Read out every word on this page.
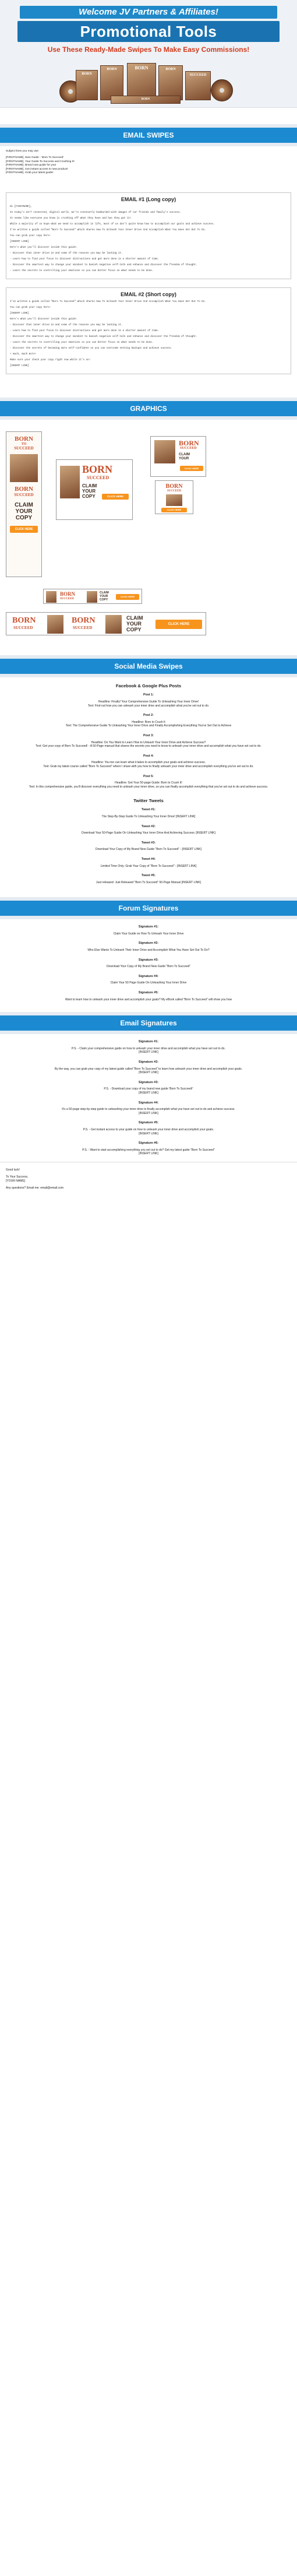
Welcome JV Partners & Affiliates!
Promotional Tools
Use These Ready-Made Swipes To Make Easy Commissions!
BORN
BORN	BORN	BORN
SUCCEED
BORN
EMAIL SWIPES

Subject lines you may use:

[FIRSTNAME], New Guide - 'Born To Succeed'

[FIRSTNAME], Your Guide To Success and Crushing It!

[FIRSTNAME], Brand new guide for you!

[FIRSTNAME], Get instant access to new product!

[FIRSTNAME], Grab your latest guide!

EMAIL #1 (Long copy)

Hi [FIRSTNAME],

In today's 24/7 connected, digital world, we're constantly bombarded with images of our friends and family's success.

It seems like everyone you know is crushing off what they have and has they got it!

While a majority of us hope what we need to accomplish in life, most of us don't quite know how to accomplish our goals and achieve success.

I've written a guide called "Born To Succeed" which shares How To Unleash Your Inner Drive And Accomplish What You Have Set Out To Do.

You can grab your copy here:

[INSERT LINK]

Here's what you'll discover inside this guide:

- Discover that inner drive in and some of the reasons you may be lacking it.

- Learn how to find your focus to discover distractions and get more done in a shorter amount of time.

- Discover the smartest way to change your mindset to banish negative self-talk and enhance and discover the freedom of thought.

- Learn the secrets to controlling your emotions so you can better focus on what needs to be done.

EMAIL #2 (Short copy)

I've written a guide called "Born To Succeed" which shares How To Unleash Your Inner Drive And Accomplish What You Have Set Out To Do.

You can grab your copy here:

[INSERT LINK]

Here's what you'll discover inside this guide:

- Discover that inner drive in and some of the reasons you may be lacking it.

- Learn how to find your focus to discover distractions and get more done in a shorter amount of time.

- Discover the smartest way to change your mindset to banish negative self-talk and enhance and discover the freedom of thought.

- Learn the secrets to controlling your emotions so you can better focus on what needs to be done.

- Discover the secrets of becoming more self-confident so you can overcome setting backups and achieve success.

+ much, much more!

Make sure your check your copy right now while it's on!

[INSERT LINK]

GRAPHICS
BORN
TO
SUCCEED
BORN
SUCCEED
CLAIM
YOUR
COPY
CLICK HERE
BORN
SUCCEED
CLAIM
YOUR
COPY	CLICK HERE
BORN
SUCCEED
CLAIM
YOUR
CLICK HERE
BORN
SUCCEED
CLICK HERE
BORN
SUCCEED
CLAIM
YOUR
COPY
CLICK HERE
BORN
SUCCEED
BORN
SUCCEED
CLAIM
YOUR
COPY
CLICK HERE
Social Media Swipes
Facebook & Google Plus Posts
Post 1:

Headline: Finally! Your Comprehensive Guide To Unleashing Your Inner Drive!

Text: Find out how you can unleash your inner drive and accomplish what you've set out to do.

Post 2:

Headline: Born to Crush It

Text: The Comprehensive Guide To Unleashing Your Inner Drive and Finally Accomplishing Everything You've Set Out to Achieve

Post 3:

Headline: Do You Want to Learn How to Unleash Your Inner Drive and Achieve Success?

Text: Get your copy of Born To Succeed! - A 50-Page manual that shares the secrets you need to know to unleash your inner drive and accomplish what you have set out to do.

Post 4:

Headline: You too can learn what it takes to accomplish your goals and achieve success.

Text: Grab my latest course called "Born To Succeed" where I share with you how to finally unleash your inner drive and accomplish everything you've set out to do.

Post 5:

Headline: Get Your 50-page Guide: Born to Crush It!

Text: In this comprehensive guide, you'll discover everything you need to unleash your inner drive, so you can finally accomplish everything that you've set out to do and achieve success.

Twitter Tweets
Tweet #1:

The Step-By-Step Guide To Unleashing Your Inner Drive! [INSERT LINK]

Tweet #2:

Download Your 50-Page Guide On Unleashing Your Inner Drive And Achieving Success: [INSERT LINK]

Tweet #3:

Download Your Copy of My Brand New Guide "Born To Succeed" - [INSERT LINK]

Tweet #4:

Limited Time Only: Grab Your Copy of "Born To Succeed" - [INSERT LINK]

Tweet #5:

Just released: Just Released "Born To Succeed" 50-Page Manual [INSERT LINK]

Forum Signatures
Signature #1:

Claim Your Guide on How To Unleash Your Inner Drive

Signature #2:

Who Else Wants To Unleash Their Inner Drive and Accomplish What You Have Set Out To Do?

Signature #3:

Download Your Copy of My Brand New Guide "Born To Succeed"

Signature #4:

Claim Your 50 Page Guide On Unleashing Your Inner Drive

Signature #5:

Want to learn how to unleash your inner drive and accomplish your goals? My eBook called "Born To Succeed" will show you how

Email Signatures
Signature #1:

P.S. - Claim your comprehensive guide on how to unleash your inner drive and accomplish what you have set out to do.

[INSERT LINK]

Signature #2:

By the way, you can grab your copy of my latest guide called "Born To Succeed" to learn how unleash your inner drive and accomplish your goals.

[INSERT LINK]

Signature #3:

P.S. - Download your copy of my brand new guide 'Born To Succeed!'

[INSERT LINK]

Signature #4:

It's a 50-page step-by-step guide to unleashing your inner drive to finally accomplish what you have set out to do and achieve success.

[INSERT LINK]

Signature #5:

P.S. - Get instant access to your guide on how to unleash your inner drive and accomplish your goals.

[INSERT LINK]

Signature #6:

P.S. - Want to start accomplishing everything you set out to do? Get my latest guide "Born To Succeed"

[INSERT LINK]

Good luck!

To Your Success,

[YOUR NAME]

Any questions? Email me: email@email.com
